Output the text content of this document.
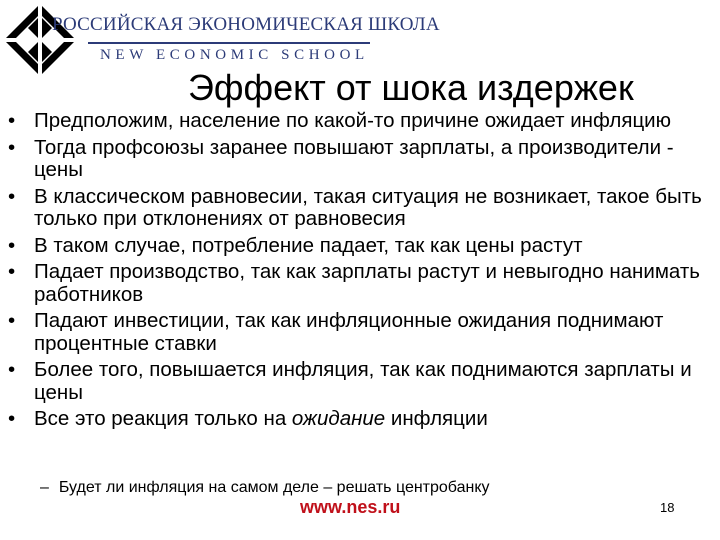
РОССИЙСКАЯ ЭКОНОМИЧЕСКАЯ ШКОЛА
NEW ECONOMIC SCHOOL
Эффект от шока издержек
• Предположим, население по какой-то причине ожидает инфляцию
• Тогда профсоюзы заранее повышают зарплаты, а производители - цены
• В классическом равновесии, такая ситуация не возникает, такое быть только при отклонениях от равновесия
• В таком случае, потребление падает, так как цены растут
• Падает производство, так как зарплаты растут и невыгодно нанимать работников
• Падают инвестиции, так как инфляционные ожидания поднимают процентные ставки
• Более того, повышается инфляция, так как поднимаются зарплаты и цены
• Все это реакция только на ожидание инфляции
– Будет ли инфляция на самом деле – решать центробанку
www.nes.ru	18
